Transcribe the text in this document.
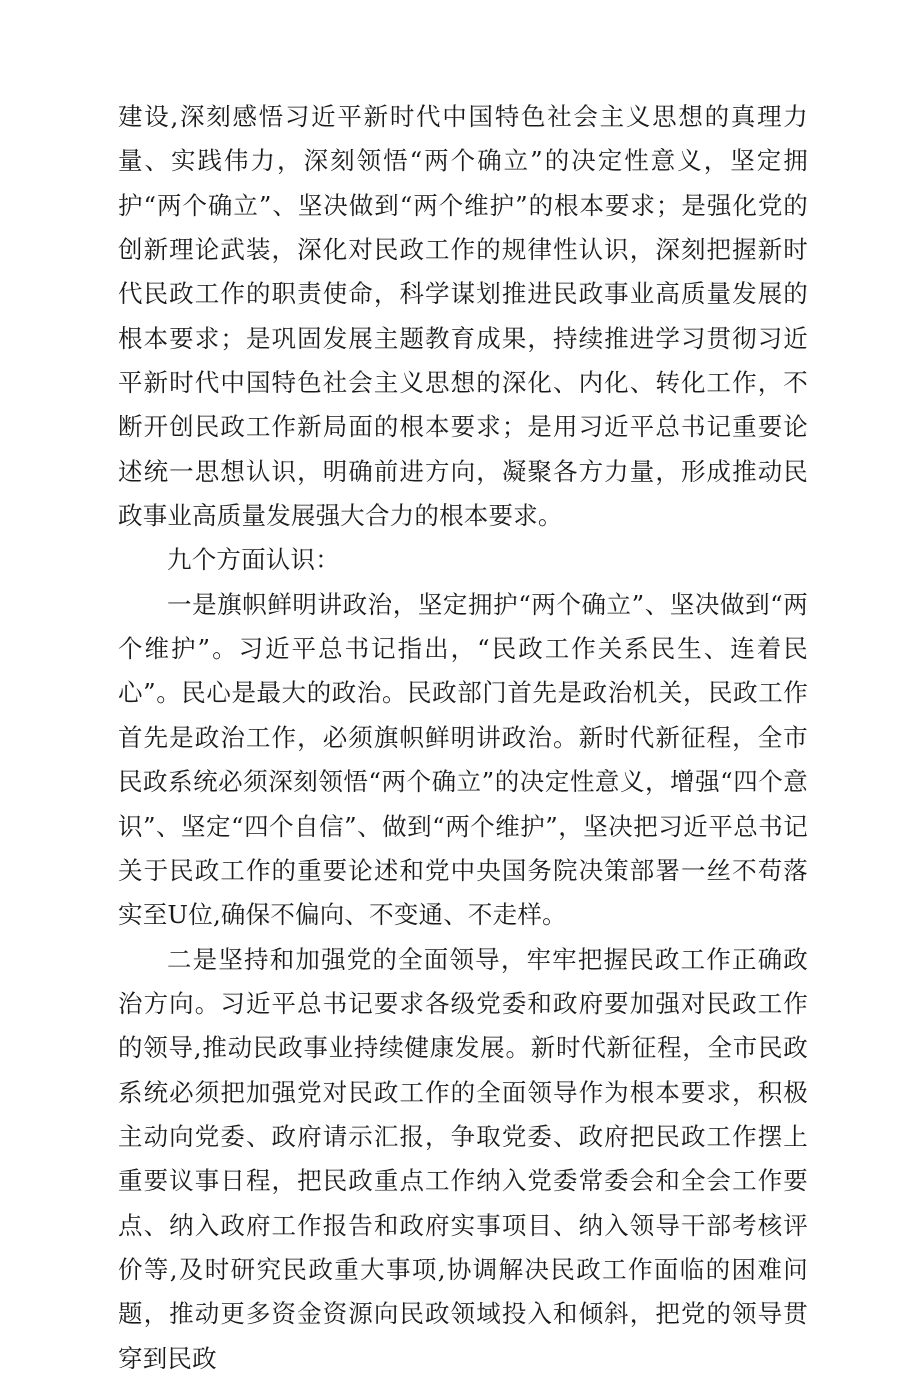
建设,深刻感悟习近平新时代中国特色社会主义思想的真理力量、实践伟力，深刻领悟“两个确立”的决定性意义，坚定拥护“两个确立”、坚决做到“两个维护”的根本要求；是强化党的创新理论武装，深化对民政工作的规律性认识，深刻把握新时代民政工作的职责使命，科学谋划推进民政事业高质量发展的根本要求；是巩固发展主题教育成果，持续推进学习贯彻习近平新时代中国特色社会主义思想的深化、内化、转化工作，不断开创民政工作新局面的根本要求；是用习近平总书记重要论述统一思想认识，明确前进方向，凝聚各方力量，形成推动民政事业高质量发展强大合力的根本要求。

九个方面认识：

一是旗帜鲜明讲政治，坚定拥护“两个确立”、坚决做到“两个维护”。习近平总书记指出，“民政工作关系民生、连着民心”。民心是最大的政治。民政部门首先是政治机关，民政工作首先是政治工作，必须旗帜鲜明讲政治。新时代新征程，全市民政系统必须深刻领悟“两个确立”的决定性意义，增强“四个意识”、坚定“四个自信”、做到“两个维护”，坚决把习近平总书记关于民政工作的重要论述和党中央国务院决策部署一丝不苟落实至U位,确保不偏向、不变通、不走样。

二是坚持和加强党的全面领导，牢牢把握民政工作正确政治方向。习近平总书记要求各级党委和政府要加强对民政工作的领导,推动民政事业持续健康发展。新时代新征程，全市民政系统必须把加强党对民政工作的全面领导作为根本要求，积极主动向党委、政府请示汇报，争取党委、政府把民政工作摆上重要议事日程，把民政重点工作纳入党委常委会和全会工作要点、纳入政府工作报告和政府实事项目、纳入领导干部考核评价等,及时研究民政重大事项,协调解决民政工作面临的困难问题，推动更多资金资源向民政领域投入和倾斜，把党的领导贯穿到民政
